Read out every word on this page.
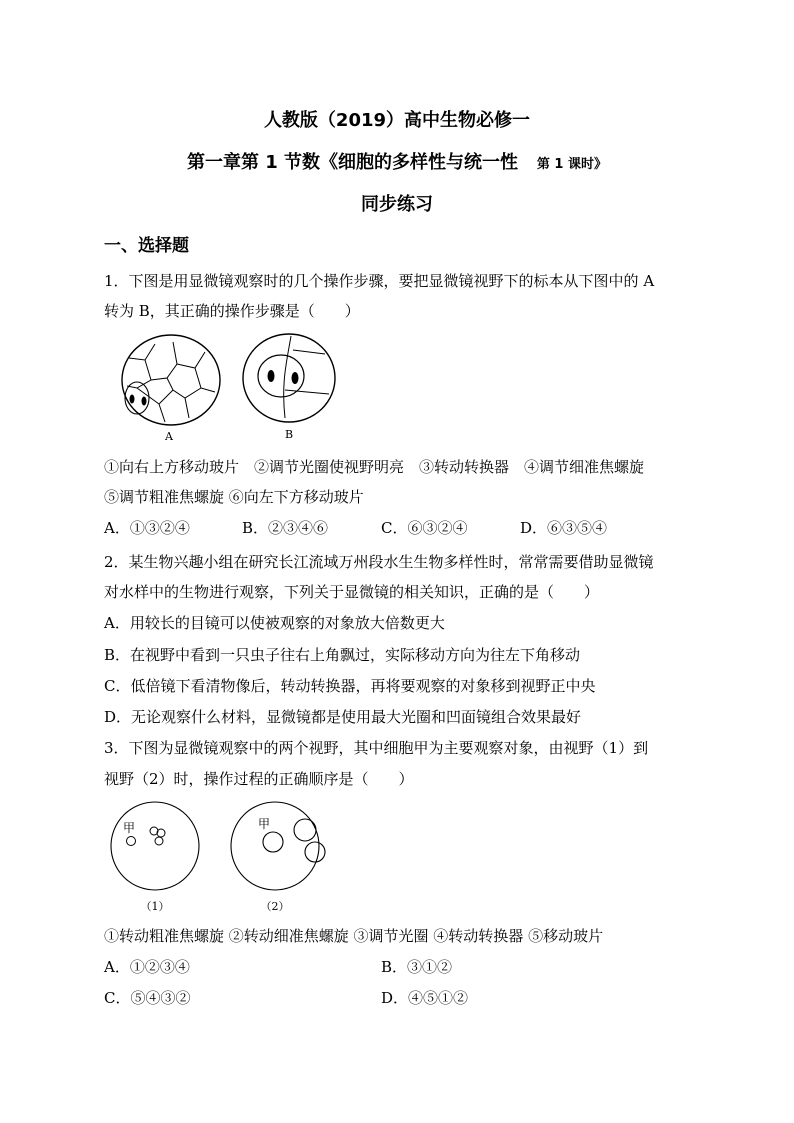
人教版（2019）高中生物必修一
第一章第 1 节数《细胞的多样性与统一性 第 1 课时》
同步练习
一、选择题
1．下图是用显微镜观察时的几个操作步骤，要把显微镜视野下的标本从下图中的 A
转为 B，其正确的操作步骤是（　　）
A	B
①向右上方移动玻片　②调节光圈使视野明亮　③转动转换器　④调节细准焦螺旋
⑤调节粗准焦螺旋 ⑥向左下方移动玻片
A．①③②④	B．②③④⑥	C．⑥③②④	D．⑥③⑤④
2．某生物兴趣小组在研究长江流域万州段水生生物多样性时，常常需要借助显微镜
对水样中的生物进行观察，下列关于显微镜的相关知识，正确的是（　　）
A．用较长的目镜可以使被观察的对象放大倍数更大
B．在视野中看到一只虫子往右上角飘过，实际移动方向为往左下角移动
C．低倍镜下看清物像后，转动转换器，再将要观察的对象移到视野正中央
D．无论观察什么材料，显微镜都是使用最大光圈和凹面镜组合效果最好
3．下图为显微镜观察中的两个视野，其中细胞甲为主要观察对象，由视野（1）到
视野（2）时，操作过程的正确顺序是（　　）
甲	甲
（1）	（2）
①转动粗准焦螺旋 ②转动细准焦螺旋 ③调节光圈 ④转动转换器 ⑤移动玻片
A．①②③④	B．③①②
C．⑤④③②	D．④⑤①②
